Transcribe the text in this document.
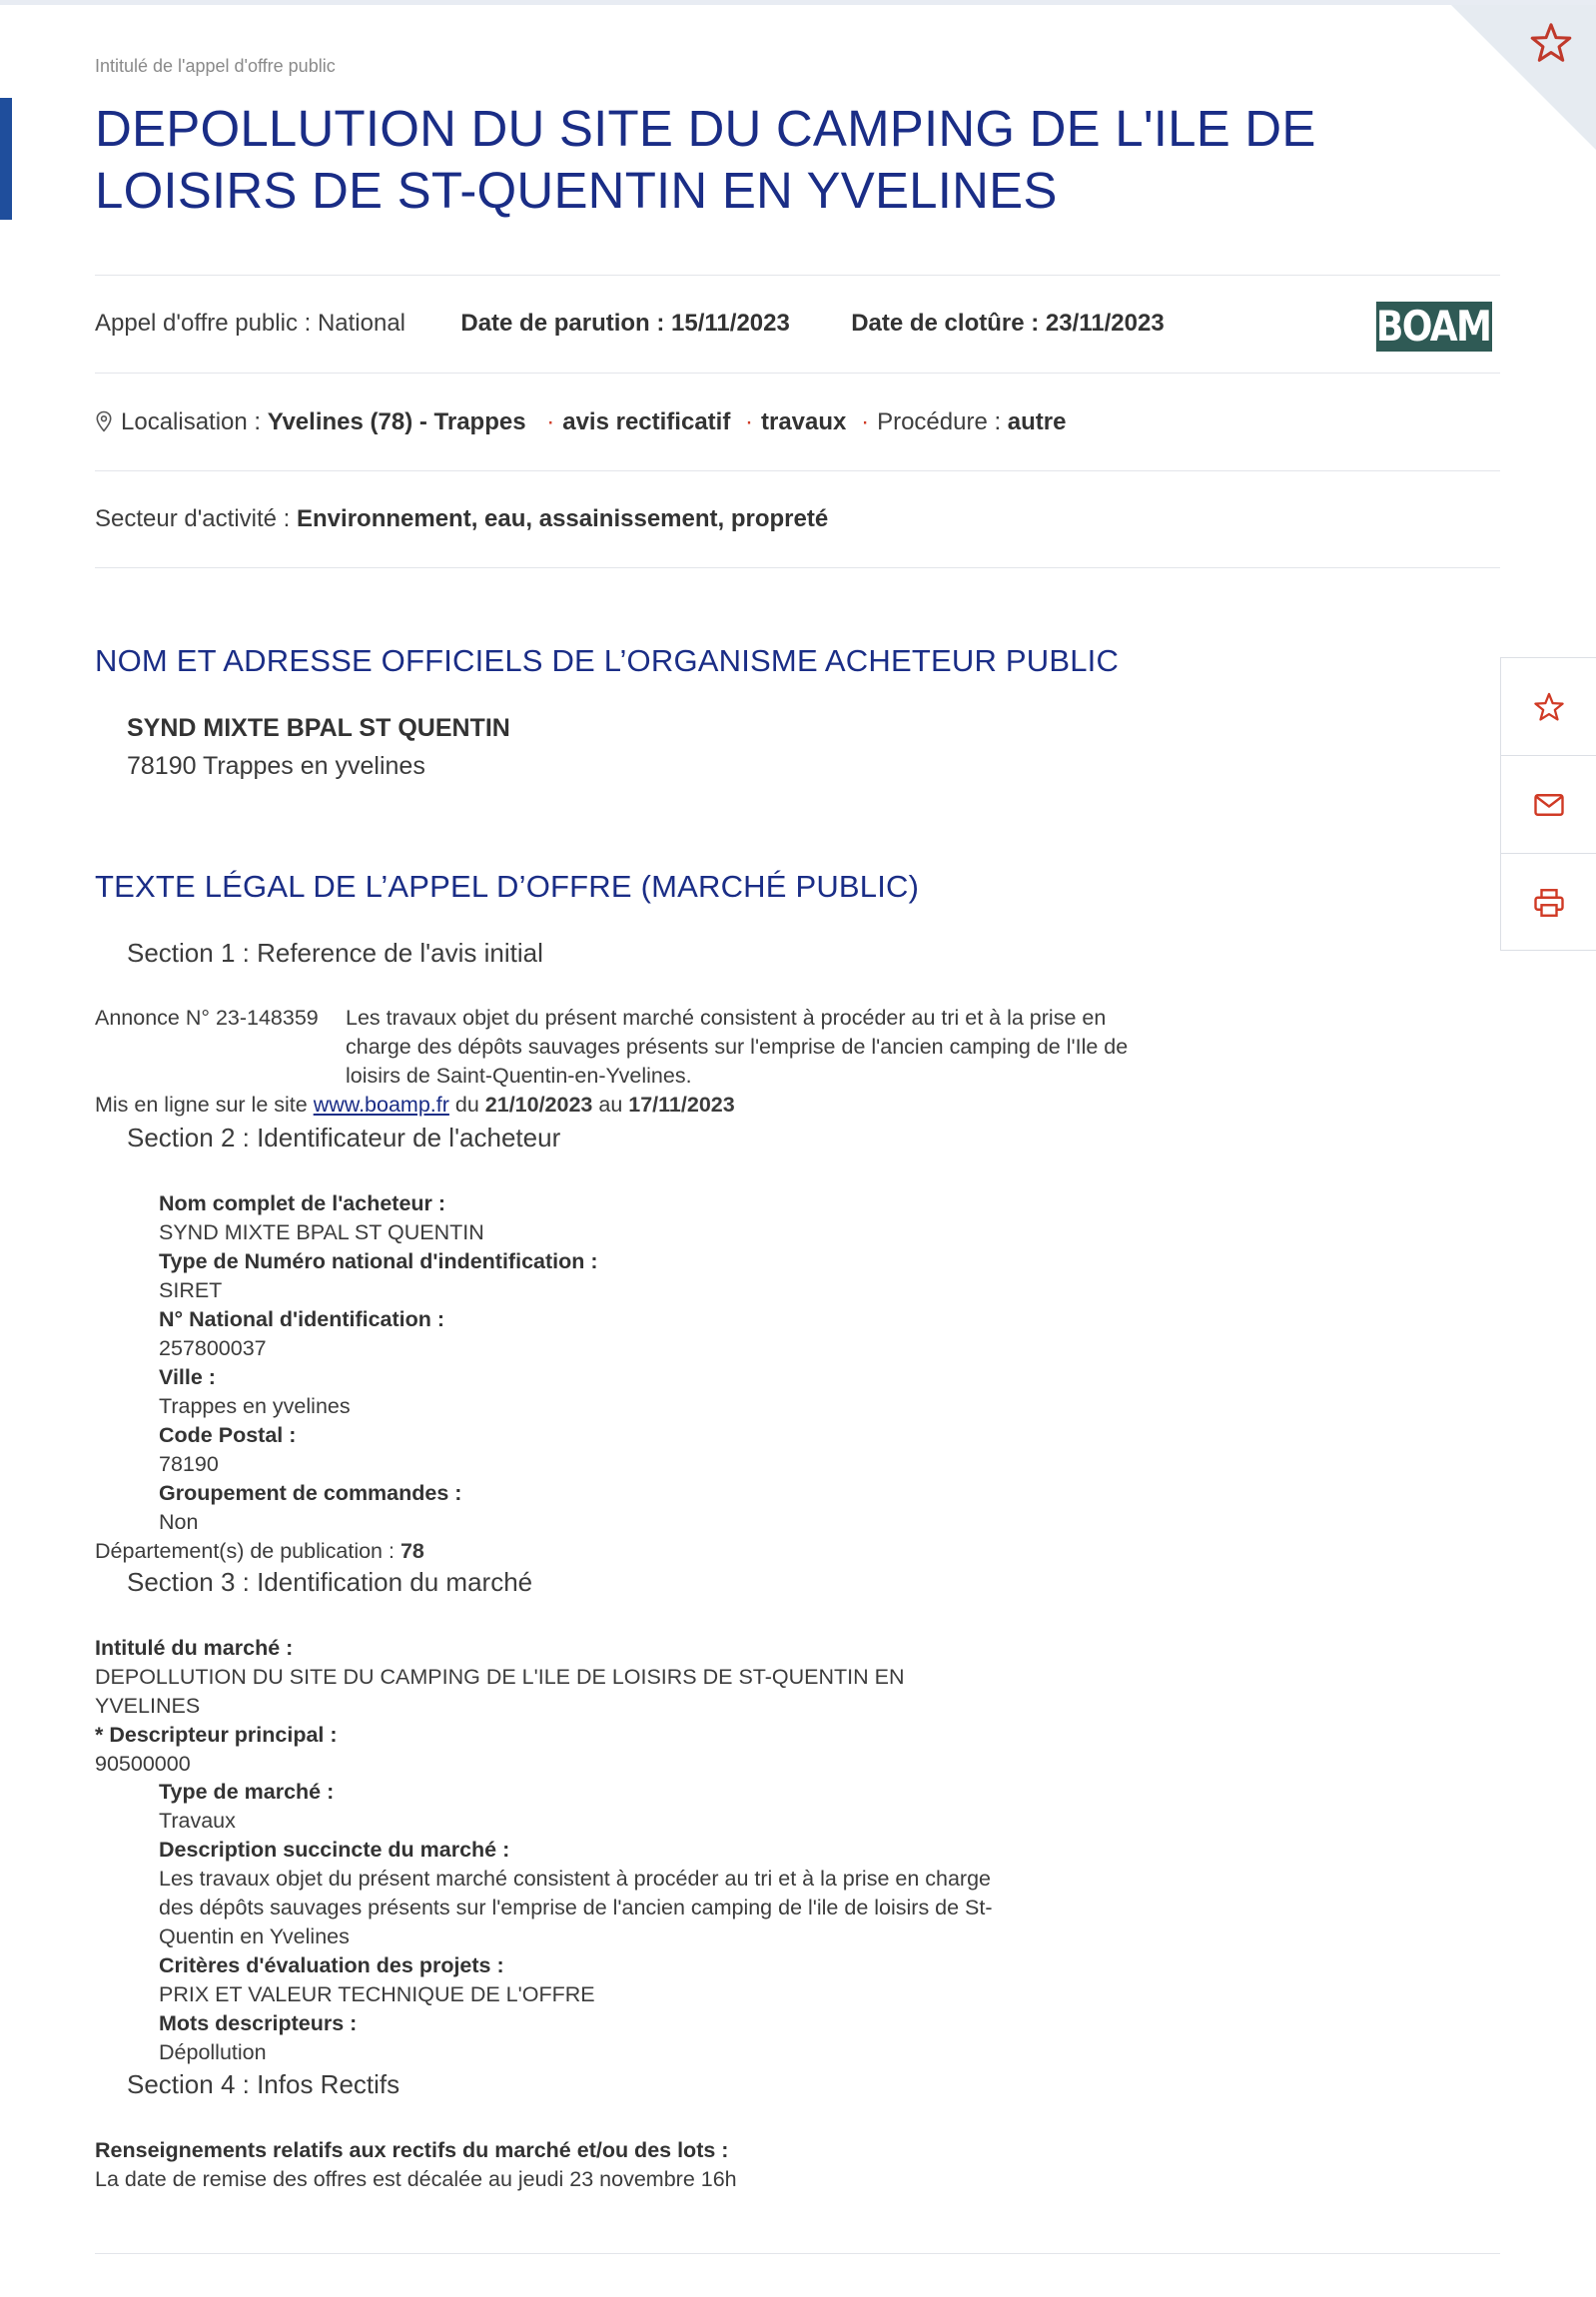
Intitulé de l'appel d'offre public
DEPOLLUTION DU SITE DU CAMPING DE L'ILE DE LOISIRS DE ST-QUENTIN EN YVELINES
Appel d'offre public : National Date de parution : 15/11/2023	Date de clotûre : 23/11/2023	BOAMP
Localisation : Yvelines (78) - Trappes · avis rectificatif · travaux · Procédure : autre
Secteur d'activité : Environnement, eau, assainissement, propreté
NOM ET ADRESSE OFFICIELS DE L’ORGANISME ACHETEUR PUBLIC
SYND MIXTE BPAL ST QUENTIN
78190 Trappes en yvelines
TEXTE LÉGAL DE L’APPEL D’OFFRE (MARCHÉ PUBLIC)
Section 1 : Reference de l'avis initial
Annonce N° 23-148359 Les travaux objet du présent marché consistent à procéder au tri et à la prise en charge des dépôts sauvages présents sur l'emprise de l'ancien camping de l'Ile de loisirs de Saint-Quentin-en-Yvelines.
Mis en ligne sur le site www.boamp.fr du 21/10/2023 au 17/11/2023
Section 2 : Identificateur de l'acheteur
Nom complet de l'acheteur :
SYND MIXTE BPAL ST QUENTIN
Type de Numéro national d'indentification :
SIRET
N° National d'identification :
257800037
Ville :
Trappes en yvelines
Code Postal :
78190
Groupement de commandes :
Non
Département(s) de publication : 78
Section 3 : Identification du marché
Intitulé du marché :
DEPOLLUTION DU SITE DU CAMPING DE L'ILE DE LOISIRS DE ST-QUENTIN EN YVELINES
* Descripteur principal :
90500000
Type de marché :
Travaux
Description succincte du marché :
Les travaux objet du présent marché consistent à procéder au tri et à la prise en charge des dépôts sauvages présents sur l'emprise de l'ancien camping de l'ile de loisirs de St-Quentin en Yvelines
Critères d'évaluation des projets :
PRIX ET VALEUR TECHNIQUE DE L'OFFRE
Mots descripteurs :
Dépollution
Section 4 : Infos Rectifs
Renseignements relatifs aux rectifs du marché et/ou des lots :
La date de remise des offres est décalée au jeudi 23 novembre 16h
